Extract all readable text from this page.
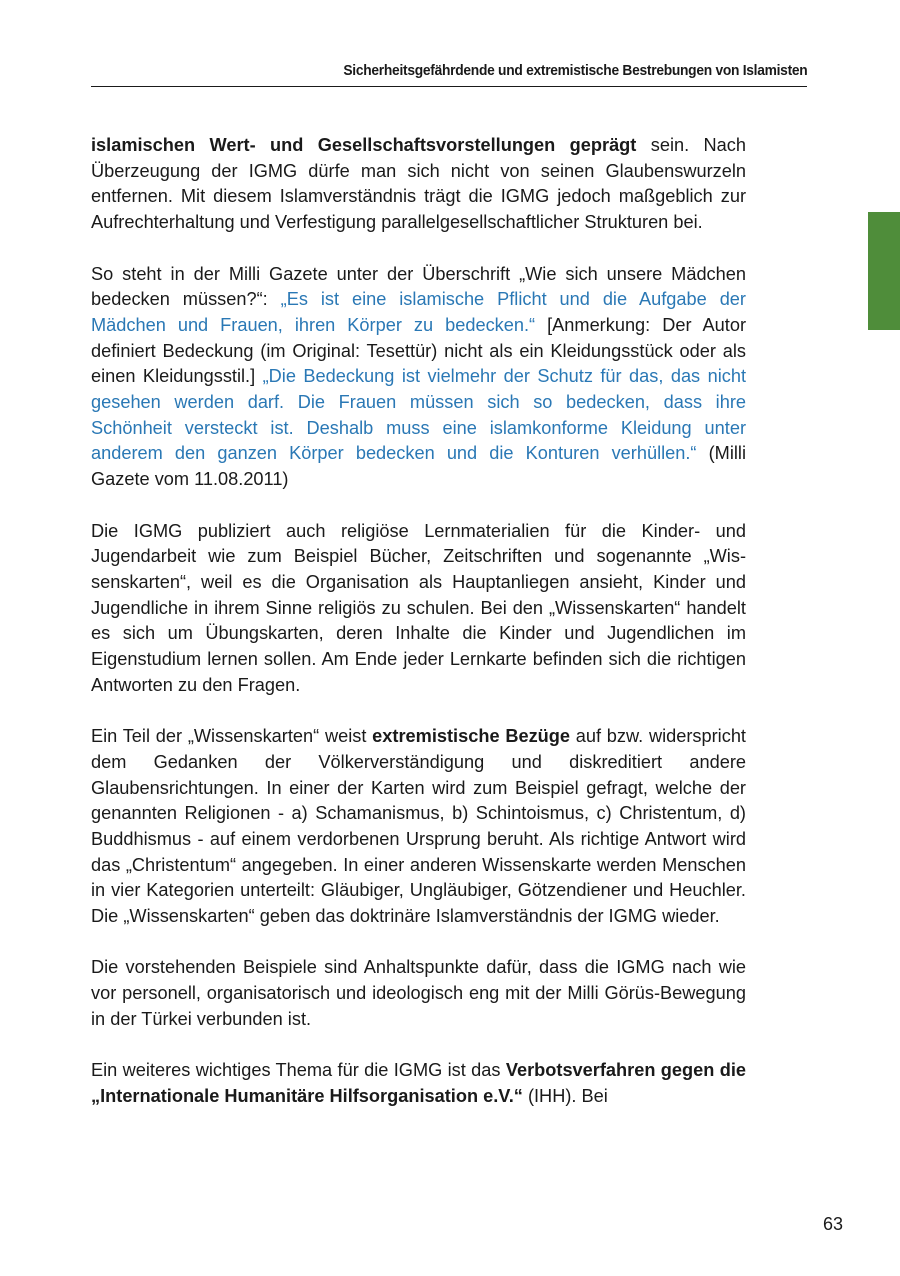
Sicherheitsgefährdende und extremistische Bestrebungen von Islamisten

islamischen Wert- und Gesellschaftsvorstellungen geprägt sein. Nach Überzeugung der IGMG dürfe man sich nicht von seinen Glaubenswurzeln entfernen. Mit diesem Islamverständnis trägt die IGMG jedoch maßgeblich zur Aufrechterhaltung und Verfestigung parallelgesellschaftlicher Strukturen bei.

So steht in der Milli Gazete unter der Überschrift „Wie sich unsere Mädchen bedecken müssen?“: „Es ist eine islamische Pflicht und die Aufgabe der Mädchen und Frauen, ihren Körper zu bedecken.“ [Anmerkung: Der Autor definiert Bedeckung (im Original: Tesettür) nicht als ein Kleidungsstück oder als einen Kleidungsstil.] „Die Bedeckung ist vielmehr der Schutz für das, das nicht gesehen werden darf. Die Frauen müssen sich so bedecken, dass ihre Schönheit versteckt ist. Deshalb muss eine islamkonforme Kleidung unter anderem den ganzen Körper bedecken und die Konturen verhüllen.“ (Milli Gazete vom 11.08.2011)

Die IGMG publiziert auch religiöse Lernmaterialien für die Kinder- und Jugendarbeit wie zum Beispiel Bücher, Zeitschriften und sogenannte „Wissenskarten“, weil es die Organisation als Hauptanliegen ansieht, Kinder und Jugendliche in ihrem Sinne religiös zu schulen. Bei den „Wissenskarten“ handelt es sich um Übungskarten, deren Inhalte die Kinder und Jugendlichen im Eigenstudium lernen sollen. Am Ende jeder Lernkarte befinden sich die richtigen Antworten zu den Fragen.

Ein Teil der „Wissenskarten“ weist extremistische Bezüge auf bzw. widerspricht dem Gedanken der Völkerverständigung und diskreditiert andere Glaubensrichtungen. In einer der Karten wird zum Beispiel gefragt, welche der genannten Religionen - a) Schamanismus, b) Schintoismus, c) Christentum, d) Buddhismus - auf einem verdorbenen Ursprung beruht. Als richtige Antwort wird das „Christentum“ angegeben. In einer anderen Wissenskarte werden Menschen in vier Kategorien unterteilt: Gläubiger, Ungläubiger, Götzendiener und Heuchler. Die „Wissenskarten“ geben das doktrinäre Islamverständnis der IGMG wieder.

Die vorstehenden Beispiele sind Anhaltspunkte dafür, dass die IGMG nach wie vor personell, organisatorisch und ideologisch eng mit der Milli Görüs-Bewegung in der Türkei verbunden ist.

Ein weiteres wichtiges Thema für die IGMG ist das Verbotsverfahren gegen die „Internationale Humanitäre Hilfsorganisation e.V.“ (IHH). Bei

63
